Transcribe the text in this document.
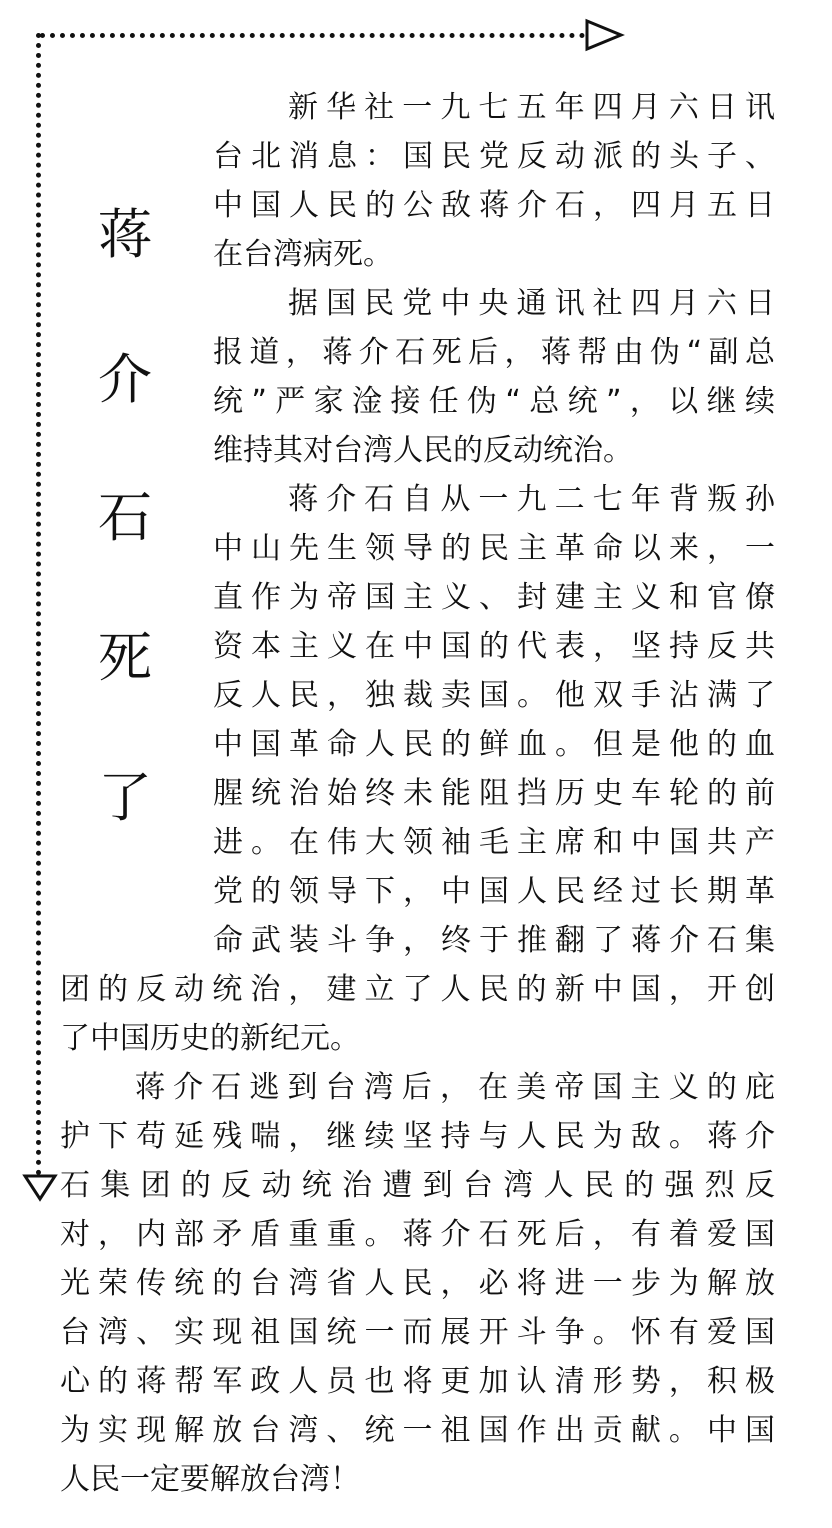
蒋
介
石
死
了
新华社一九七五年四月六日讯
台北消息：国民党反动派的头子、
中国人民的公敌蒋介石，四月五日
在台湾病死。
据国民党中央通讯社四月六日
报道，蒋介石死后，蒋帮由伪“副总
统”严家淦接任伪“总统”，以继续
维持其对台湾人民的反动统治。
蒋介石自从一九二七年背叛孙
中山先生领导的民主革命以来，一
直作为帝国主义、封建主义和官僚
资本主义在中国的代表，坚持反共
反人民，独裁卖国。他双手沾满了
中国革命人民的鲜血。但是他的血
腥统治始终未能阻挡历史车轮的前
进。在伟大领袖毛主席和中国共产
党的领导下，中国人民经过长期革
命武装斗争，终于推翻了蒋介石集
团的反动统治，建立了人民的新中国，开创
了中国历史的新纪元。
蒋介石逃到台湾后，在美帝国主义的庇
护下苟延残喘，继续坚持与人民为敌。蒋介
石集团的反动统治遭到台湾人民的强烈反
对，内部矛盾重重。蒋介石死后，有着爱国
光荣传统的台湾省人民，必将进一步为解放
台湾、实现祖国统一而展开斗争。怀有爱国
心的蒋帮军政人员也将更加认清形势，积极
为实现解放台湾、统一祖国作出贡献。中国
人民一定要解放台湾！
